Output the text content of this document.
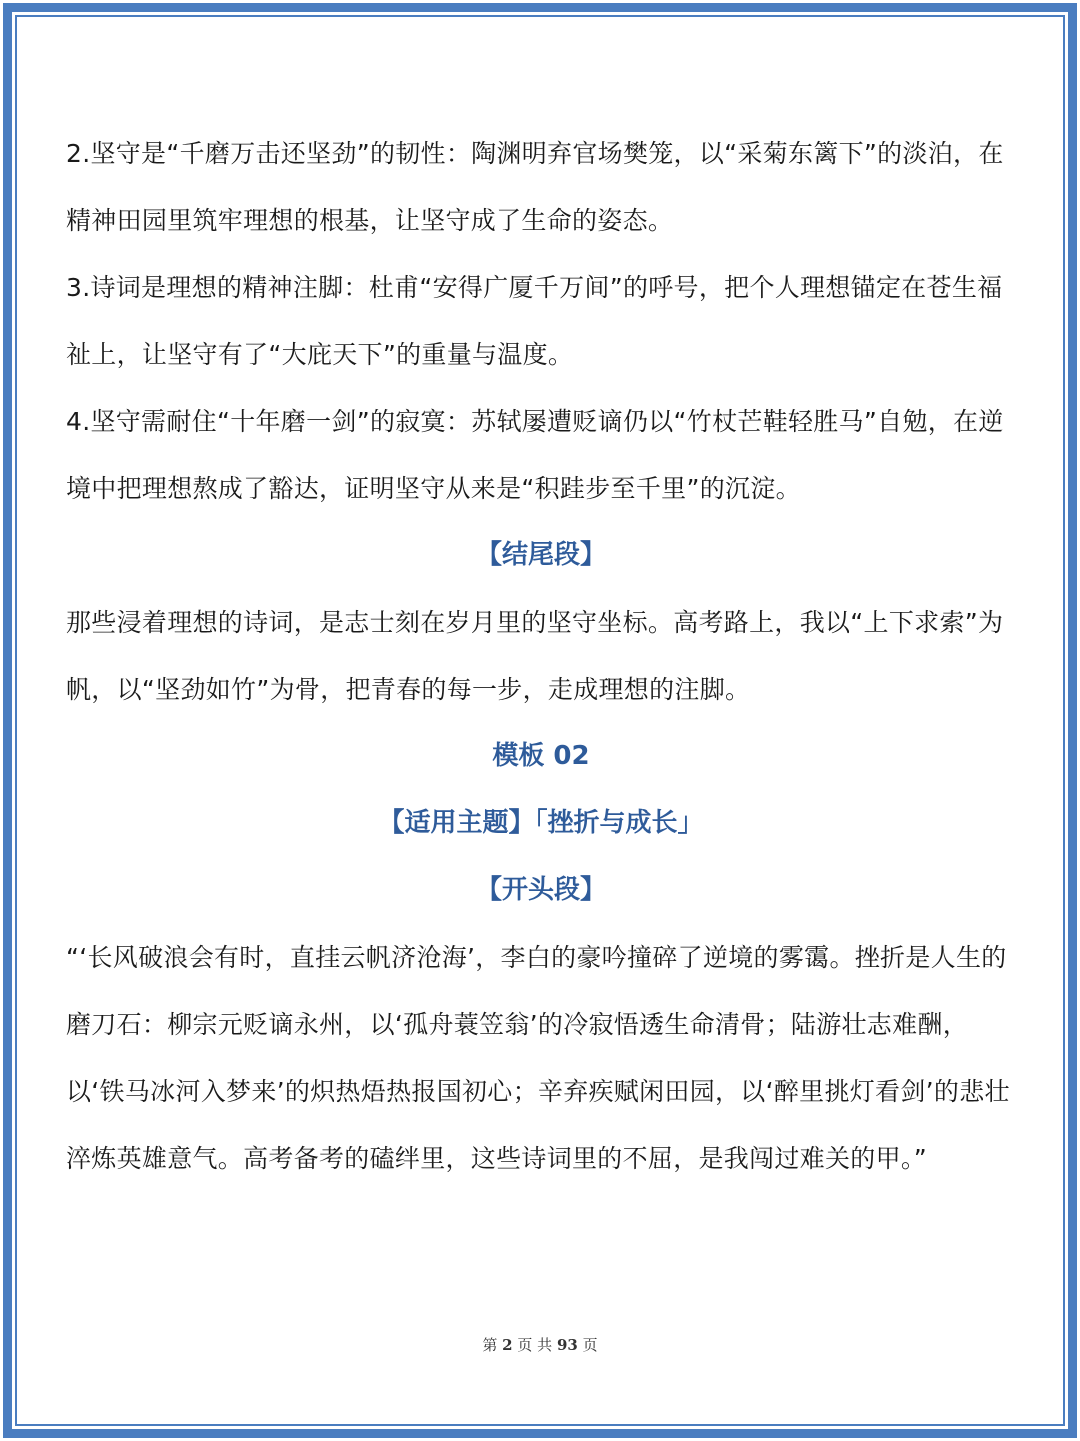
2.坚守是“千磨万击还坚劲”的韧性：陶渊明弃官场樊笼，以“采菊东篱下”的淡泊，在精神田园里筑牢理想的根基，让坚守成了生命的姿态。

3.诗词是理想的精神注脚：杜甫“安得广厦千万间”的呼号，把个人理想锚定在苍生福祉上，让坚守有了“大庇天下”的重量与温度。

4.坚守需耐住“十年磨一剑”的寂寞：苏轼屡遭贬谪仍以“竹杖芒鞋轻胜马”自勉，在逆境中把理想熬成了豁达，证明坚守从来是“积跬步至千里”的沉淀。

【结尾段】

那些浸着理想的诗词，是志士刻在岁月里的坚守坐标。高考路上，我以“上下求索”为帆，以“坚劲如竹”为骨，把青春的每一步，走成理想的注脚。

模板 02

【适用主题】「挫折与成长」

【开头段】

“‘长风破浪会有时，直挂云帆济沧海’，李白的豪吟撞碎了逆境的雾霭。挫折是人生的磨刀石：柳宗元贬谪永州，以‘孤舟蓑笠翁’的冷寂悟透生命清骨；陆游壮志难酬，以‘铁马冰河入梦来’的炽热焐热报国初心；辛弃疾赋闲田园，以‘醉里挑灯看剑’的悲壮淬炼英雄意气。高考备考的磕绊里，这些诗词里的不屈，是我闯过难关的甲。”

第 2 页 共 93 页
